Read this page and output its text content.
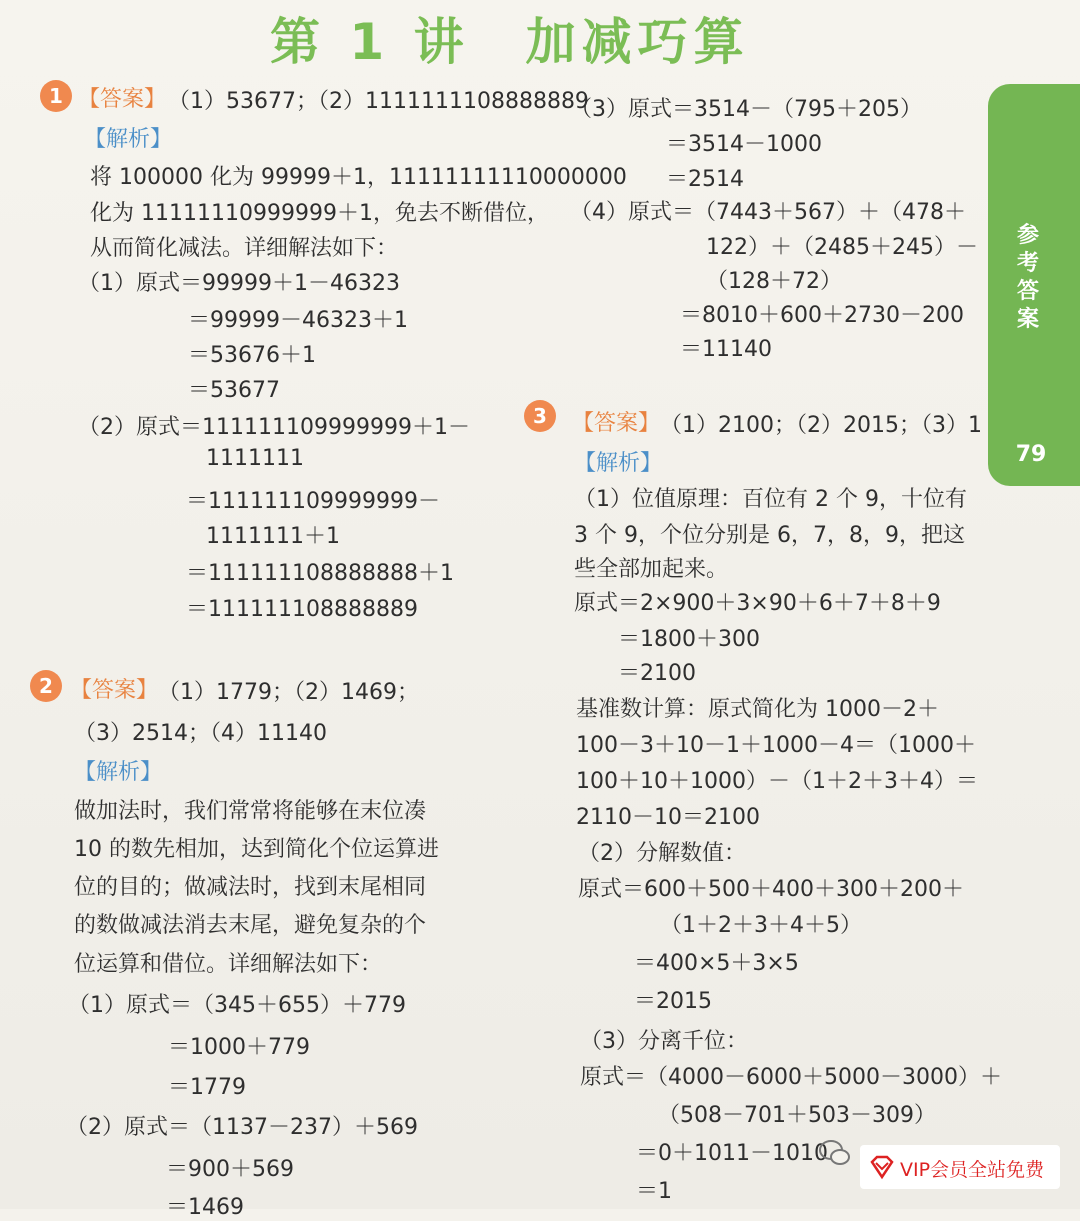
第 1 讲　加减巧算
参考答案
79
1 【答案】 （1）53677；（2）1111111108888889
【解析】
将 100000 化为 99999＋1，11111111110000000
化为 11111110999999＋1，免去不断借位，
从而简化减法。详细解法如下：
（1）原式＝99999＋1－46323
＝99999－46323＋1
＝53676＋1
＝53677
（2）原式＝111111109999999＋1－
1111111
＝111111109999999－
1111111＋1
＝111111108888888＋1
＝111111108888889
2 【答案】 （1）1779；（2）1469；
（3）2514；（4）11140
【解析】
做加法时，我们常常将能够在末位凑
10 的数先相加，达到简化个位运算进
位的目的；做减法时，找到末尾相同
的数做减法消去末尾，避免复杂的个
位运算和借位。详细解法如下：
（1）原式＝（345＋655）＋779
＝1000＋779
＝1779
（2）原式＝（1137－237）＋569
＝900＋569
＝1469
（3）原式＝3514－（795＋205）
＝3514－1000
＝2514
（4）原式＝（7443＋567）＋（478＋
122）＋（2485＋245）－
（128＋72）
＝8010＋600＋2730－200
＝11140
3	【答案】 （1）2100；（2）2015；（3）1
【解析】
（1）位值原理：百位有 2 个 9，十位有
3 个 9，个位分别是 6，7，8，9，把这
些全部加起来。
原式＝2×900＋3×90＋6＋7＋8＋9
＝1800＋300
＝2100
基准数计算：原式简化为 1000－2＋
100－3＋10－1＋1000－4＝（1000＋
100＋10＋1000）－（1＋2＋3＋4）＝
2110－10＝2100
（2）分解数值：
原式＝600＋500＋400＋300＋200＋
（1＋2＋3＋4＋5）
＝400×5＋3×5
＝2015
（3）分离千位：
原式＝（4000－6000＋5000－3000）＋
（508－701＋503－309）
＝0＋1011－1010
＝1
VIP会员全站免费
